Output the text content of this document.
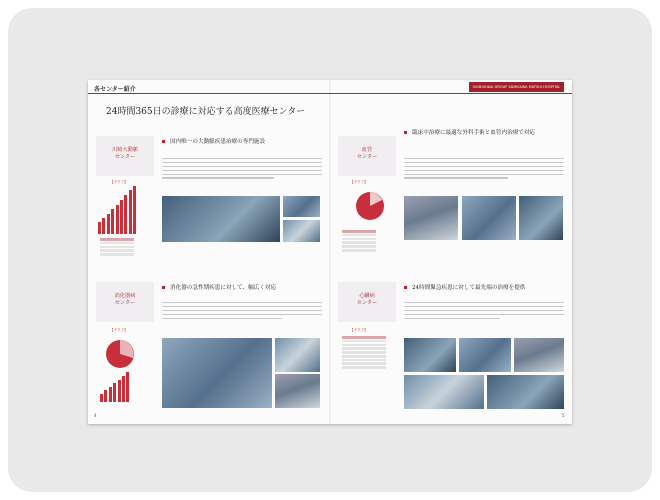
各センター紹介	OKIDOKIKAI GROUP SAMIKAWA MATSUI HOSPITAL
24時間365日の診療に対応する高度医療センター
川崎大動脈
センター
国内唯一の大動脈疾患治療の専門施設
【グラフ】
血管
センター
臨床中治療に最適な外科手術と血管内治療で対応
【グラフ】
消化器病
センター
消化器の急性期疾患に対して、幅広く対応
【グラフ】
心臓病
センター
24時間緊急疾患に対して最先端の治療を提供
【グラフ】
4	5
